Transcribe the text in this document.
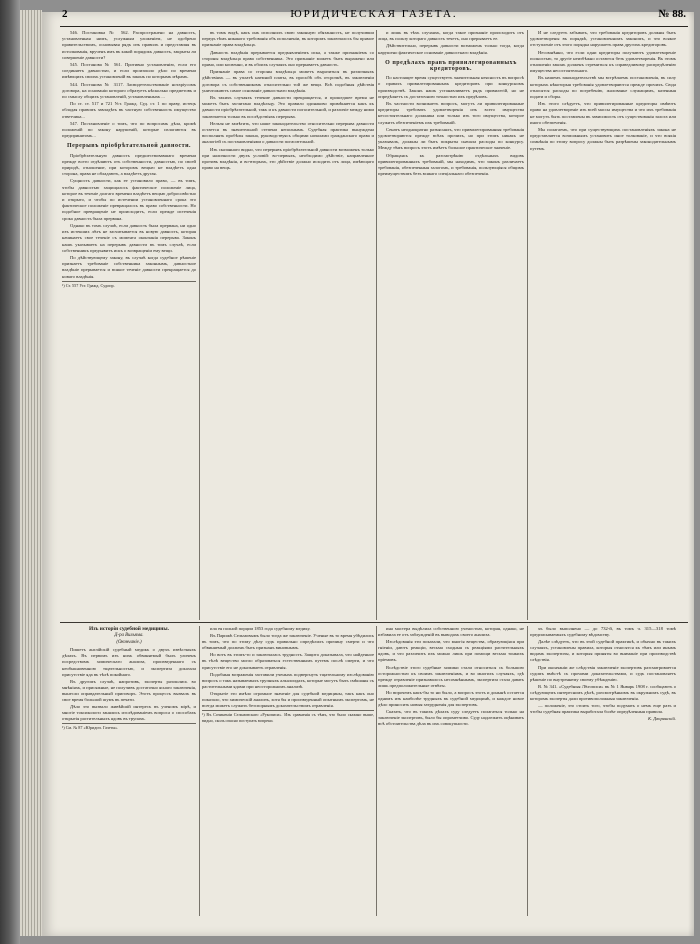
2	ЮРИДИЧЕСКАЯ ГАЗЕТА.	№ 88.

546. Постановка № 562. Распространено на давность, установленная нимъ, услужным уложеніем, не одобрено правительствомъ, основывая рядъ изъ правилъ и представляя въ истолкованія, врученъ имъ въ какой порядокъ давность, закрыты ли совершеніе давности?

545. Постанова № 561. Противно установленію, если его соединяетъ давностью, и если произошло дѣло по времени имѣющихъ своихъ установленій въ законъ по которымъ мѣрамъ.

544. Постанова № 3117. Засвидетельствованіе нотаріусомъ договора, на основаніи котораго образуетъ нѣсколько предметовъ и по смыслу общихъ установленій, установленныхъ ...

По ст. ст. 517 и 721 Уст. Гражд. Суд. ст. 1 по праву, истецъ обладая правомъ завладѣть въ частную собственность имущество ответчика...

547. Постановленіе о томъ, что по вопросамъ дѣла, кромѣ положеній по закону нарушеній, которые излагаются въ предпринятомъ...

Перерывъ пріобрѣтательной давности.

Пріобрѣтательную давность предшествовавшаго времени прежде всего отдѣляютъ отъ собственности, давностью, по своей природѣ, отношение, при которомъ вещью не владѣетъ одна сторона, права не обладаютъ, а владѣетъ другая.

Сущность давности, как ее установило право, — въ томъ, чтобы давностью защищалось фактическое положеніе лица, которое въ теченіе долгаго времени владѣетъ вещью добросовѣстно и открыто, и чтобы по истечении установленнаго срока это фактическое положеніе превращалось въ право собственности. Но подобное превращеніе не происходитъ, если прежде истеченія срока давность была прервана.

Однако въ томъ случаѣ, если давность была прервана, ни одно изъ истекших лѣтъ не засчитывается въ новую давность, которая начинаетъ свое теченіе съ момента окончанія перерыва. Законъ нашъ указываетъ на перерывъ давности въ томъ случаѣ, если собственникъ предъявитъ искъ о возвращеніи ему вещи.

По дѣйствующему закону, въ случаѣ когда судебное рѣшеніе признаетъ требованіе собственника законнымъ, давностное владѣніе прерывается и всякое теченіе давности прекращается до новаго владѣнія.

¹) Ст. 557 Уст. Гражд. Судопр.

въ томъ видѣ, какъ онъ исполнилъ свою законную обязанность, не получивши передъ тѣмъ никакого требованія объ исполненіи, въ которомъ заключалось бы прямое признаніе права владѣльца.

Давность владѣнія прерывается предъявленіемъ иска, а также признаніемъ со стороны владѣльца права собственника. Это признаніе можетъ быть выражено или прямо, или косвенно, и въ обоихъ случаяхъ оно прерываетъ давность.

Признаніе права со стороны владѣльца можетъ выразиться въ различныхъ дѣйствіяхъ — въ уплатѣ наемной платы, въ просьбѣ объ отсрочкѣ, въ заключеніи договора съ собственникомъ относительно той же вещи. Всѣ подобныя дѣйствія уничтожаютъ самое основаніе давностнаго владѣнія.

Въ такихъ случаяхъ течение давности прекращается, и прошедшее время не можетъ быть засчитано владѣльцу. Это правило одинаково примѣняется какъ къ давности пріобрѣтательной, такъ и къ давности погасительной, и различіе между ними заключается только въ послѣдствіяхъ перерыва.

Нельзя не замѣтить, что наше законодательство относительно перерыва давности остается въ значительной степени неполнымъ. Судебная практика вынуждена восполнять пробѣлы закона, руководствуясь общими началами гражданскаго права и аналогіей съ постановленіями о давности погасительной.

Изъ сказаннаго видно, что перерывъ пріобрѣтательной давности возможенъ только при наличности двухъ условій: во-первыхъ, необходимо дѣйствіе, направленное противъ владѣнія, и во-вторыхъ, это дѣйствіе должно исходить отъ лица, имѣющаго право на вещь.

и лишь въ тѣхъ случаяхъ, когда такое признаніе происходитъ отъ лица, въ пользу котораго давность течетъ, оно прерываетъ ее.

Дѣйствительно, перерывъ давности возможенъ только тогда, когда нарушено фактическое основаніе давностнаго владѣнія.

О предѣлахъ правъ привилегированныхъ кредиторовъ.

По настоящее время существуетъ значительная неясность въ вопросѣ о правахъ привилегированныхъ кредиторовъ при конкурсномъ производствѣ. Законъ нашъ устанавливаетъ рядъ привилегій, но не опредѣляетъ съ достаточною точностью ихъ предѣловъ.

Въ частности возникаетъ вопросъ, могутъ ли привилегированные кредиторы требовать удовлетворенія изъ всего имущества несостоятельнаго должника или только изъ того имущества, которое служитъ обезпеченіемъ ихъ требованій.

Сенатъ неоднократно разъяснялъ, что привилегированныя требованія удовлетворяются прежде всѣхъ прочихъ, но при этомъ никакъ не указывалъ, должны ли быть покрыты сначала расходы по конкурсу. Между тѣмъ вопросъ этотъ имѣетъ большое практическое значеніе.

Обращаясь къ разсмотрѣнію отдѣльныхъ видовъ привилегированныхъ требованій, мы находимъ, что законъ различаетъ требованія, обезпеченныя залогомъ, и требованія, пользующіяся общимъ преимуществомъ безъ всякаго спеціальнаго обезпеченія.

И не следуетъ забывать, что требованія кредиторовъ должны быть удовлетворены въ порядкѣ, установленномъ закономъ, и что всякое отступленіе отъ этого порядка нарушаетъ права другихъ кредиторовъ.

Несомнѣнно, что если одни кредиторы получаютъ удовлетвореніе полностью, то другіе неизбѣжно остаются безъ удовлетворенія. Въ этомъ отношеніи законъ долженъ стремиться къ справедливому распредѣленію имущества несостоятельнаго.

Въ нашемъ законодательствѣ мы встрѣчаемъ постановленія, въ силу которыхъ нѣкоторыя требованія удовлетворяются прежде прочихъ. Сюда относятся расходы по погребенію, жалованье служащимъ, казенныя подати и сборы.

Изъ этого слѣдуетъ, что привилегированные кредиторы имѣютъ право на удовлетвореніе изъ всей массы имущества и что ихъ требованія не могутъ быть поставлены въ зависимость отъ существованія залога или иного обезпеченія.

Мы полагаемъ, что при существующихъ постановленіяхъ закона не представляется возможнымъ установить иное толкованіе, и что всякія сомнѣнія по этому вопросу должны быть разрѣшены законодательнымъ путемъ.

Изъ исторіи судебной медицины.

Д-ра Вильяма.

(Окончаніе.)

Пишетъ англійскій судебный медикъ о двухъ извѣстныхъ дѣлахъ. Въ первомъ изъ нихъ обвиняемый былъ уличенъ посредствомъ химическаго анализа, произведеннаго съ необыкновенною тщательностью, и экспертиза доказала присутствіе яда въ тѣлѣ покойнаго.

Въ другомъ случаѣ, напротивъ, эксперты разошлись во мнѣніяхъ, и присяжные, не получивъ достаточно яснаго заключенія, вынесли оправдательный приговоръ. Этотъ процессъ вызвалъ въ свое время большой шумъ въ печати.

Дѣло это вызвало живѣйшій интересъ въ ученомъ мірѣ, и многіе токсикологи занялись изслѣдованіемъ вопроса о способахъ открытія растительныхъ ядовъ въ трупахъ.

¹) См. № 87 «Юридич. Газеты».

ила ея полной порции 1853 года судебному медику.

Въ Парижѣ Сельмовымъ было тогда же заключеніе. Ученые въ то время убѣдились въ томъ, что по этому дѣлу судъ правильно опредѣлилъ причину смерти и что обвиняемый долженъ быть признанъ виновнымъ.

Но вотъ въ этомъ-то и заключалась трудность. Защита доказывала, что найденное въ тѣлѣ вещество могло образоваться естественнымъ путемъ послѣ смерти, и что присутствіе его не доказываетъ отравленія.

Подобныя возраженія заставили ученыхъ подвергнуть тщательному изслѣдованію вопросъ о такъ называемыхъ трупныхъ алкалоидахъ, которые могутъ быть смѣшаны съ растительными ядами при неосторожномъ анализѣ.

Открытіе это имѣло огромное значеніе для судебной медицины, такъ какъ оно показало, что химическій анализъ, хотя бы и произведенный опытнымъ экспертомъ, не всегда можетъ служить безспорнымъ доказательствомъ отравленія.

¹) Въ Сочиненіи Сельмовскаго «Рукописи». Изъ сравненія съ тѣмъ, что было сказано выше, видно, сколь опасно поступать вопреки.

ина мастера выдѣлила собственною ученостью, которая, однако, не избавила ее отъ заблужденій въ выводахъ своего анализа.

Изслѣдованія эти показали, что многія вещества, образующіяся при гніеніи, даютъ реакціи, весьма сходныя съ реакціями растительныхъ ядовъ, и что различить ихъ можно лишь при помощи весьма тонкихъ пріемовъ.

Вслѣдствіе этого судебные химики стали относиться съ большою осторожностью къ своимъ заключеніямъ, и во многихъ случаяхъ, гдѣ прежде отравленіе признавалось несомнѣннымъ, экспертиза стала давать лишь предположительные отвѣты.

Но впрочемъ какъ-бы то ни было, а вопросъ этотъ и донынѣ остается однимъ изъ наиболѣе трудныхъ въ судебной медицинѣ, и каждое новое дѣло приносить новыя затрудненія для экспертовъ.

Сказать, что въ такихъ дѣлахъ суду следуетъ полагаться только на заключеніе экспертовъ, было бы опрометчиво. Суду надлежитъ оцѣнивать всѣ обстоятельства дѣла въ ихъ совокупности.

хъ было выполнено — до 732-й, въ томъ ч. 315—318 томѣ предписываемыхъ судебному вѣдомству.

Далѣе слѣдуетъ, что въ этой судебной практикѣ, и обычно въ такихъ случаяхъ, установлены правила, которыя относятся къ тѣмъ или инымъ видамъ экспертизы, и которыя приняты во вниманіе при производствѣ слѣдствія.

При окончаніи же слѣдствія заключеніе экспертовъ разсматривается судомъ вмѣстѣ съ прочими доказательствами, и судъ постановляетъ рѣшеніе по внутреннему своему убѣжденію.

В. № 341. «Судебныя Лѣтописи» въ № 1 Январь 1908 г. сообщаютъ о слѣдующемъ интересномъ дѣлѣ, разсмотрѣнномъ въ окружномъ судѣ, въ которомъ эксперты дали противоположныя заключенія.

— положеніе, это стоить того, чтобы подумать о немъ еще разъ и чтобы судебная практика выработала болѣе опредѣленныя правила.

К. Дворянскій.
